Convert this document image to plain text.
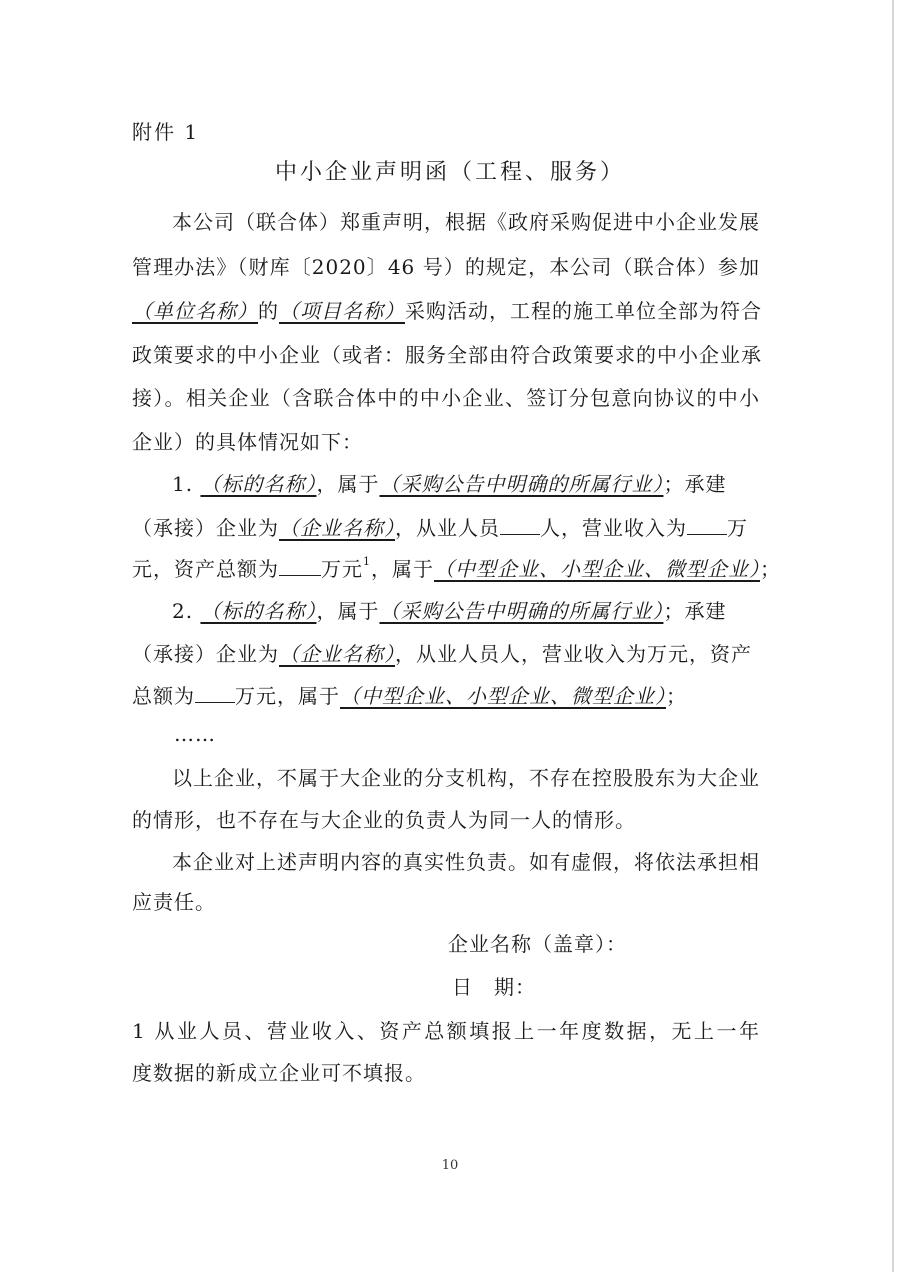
附件 1
中小企业声明函（工程、服务）
本公司（联合体）郑重声明，根据《政府采购促进中小企业发展
管理办法》（财库〔2020〕46 号）的规定，本公司（联合体）参加
（单位名称）的（项目名称）采购活动，工程的施工单位全部为符合
政策要求的中小企业（或者：服务全部由符合政策要求的中小企业承
接）。相关企业（含联合体中的中小企业、签订分包意向协议的中小
企业）的具体情况如下：
1. （标的名称），属于（采购公告中明确的所属行业）；承建
（承接）企业为（企业名称），从业人员 人，营业收入为 万
元，资产总额为 万元$^1$，属于（中型企业、小型企业、微型企业）；
2. （标的名称），属于（采购公告中明确的所属行业）；承建
（承接）企业为（企业名称），从业人员人，营业收入为万元，资产
总额为 万元，属于（中型企业、小型企业、微型企业）；
……
以上企业，不属于大企业的分支机构，不存在控股股东为大企业
的情形，也不存在与大企业的负责人为同一人的情形。
本企业对上述声明内容的真实性负责。如有虚假，将依法承担相
应责任。
企业名称（盖章）：
日　期：
1 从业人员、营业收入、资产总额填报上一年度数据，无上一年
度数据的新成立企业可不填报。
10
